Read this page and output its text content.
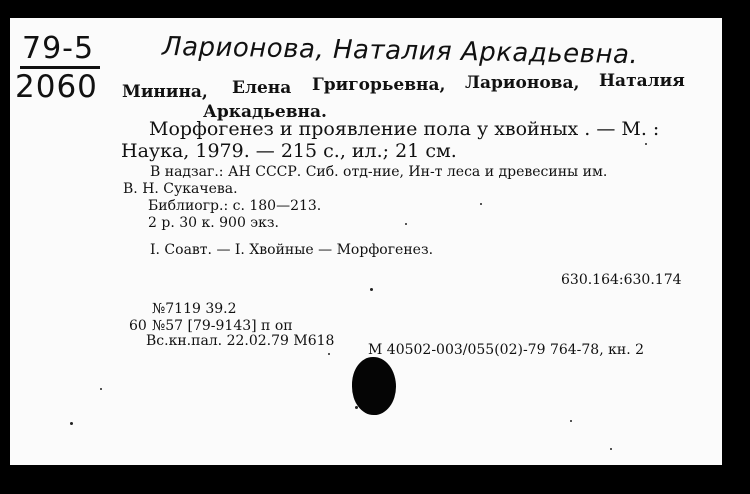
79-5
2060
Ларионова, Наталия Аркадьевна.
Минина, Елена Григорьевна, Ларионова, Наталия
Аркадьевна.
Морфогенез и проявление пола у хвойных . — М. :
Наука, 1979. — 215 с., ил.; 21 см.
В надзаг.: АН СССР. Сиб. отд-ние, Ин-т леса и древесины им.
В. Н. Сукачева.
Библиогр.: с. 180—213.
2 р. 30 к. 900 экз.
I. Соавт. — I. Хвойные — Морфогенез.
630.164:630.174
№7119 39.2
60 №57 [79-9143] п оп
Вс.кн.пал. 22.02.79 М618
М 40502-003/055(02)-79 764-78, кн. 2
